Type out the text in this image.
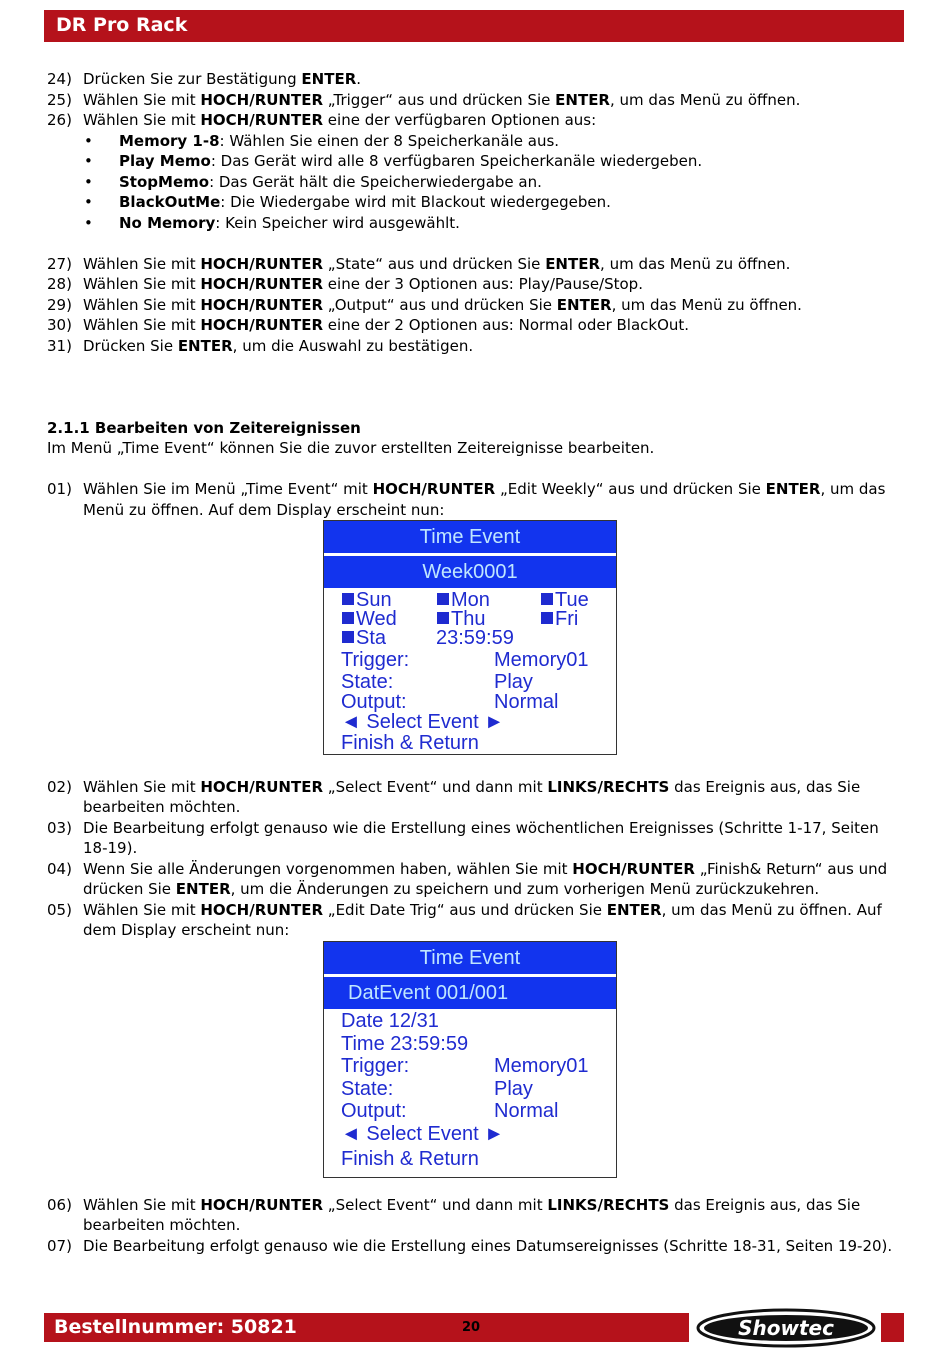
DR Pro Rack
24) Drücken Sie zur Bestätigung ENTER.
25) Wählen Sie mit HOCH/RUNTER „Trigger“ aus und drücken Sie ENTER, um das Menü zu öffnen.
26) Wählen Sie mit HOCH/RUNTER eine der verfügbaren Optionen aus:
•	Memory 1-8: Wählen Sie einen der 8 Speicherkanäle aus.
•	Play Memo: Das Gerät wird alle 8 verfügbaren Speicherkanäle wiedergeben.
•	StopMemo: Das Gerät hält die Speicherwiedergabe an.
•	BlackOutMe: Die Wiedergabe wird mit Blackout wiedergegeben.
•	No Memory: Kein Speicher wird ausgewählt.
27) Wählen Sie mit HOCH/RUNTER „State“ aus und drücken Sie ENTER, um das Menü zu öffnen.
28) Wählen Sie mit HOCH/RUNTER eine der 3 Optionen aus: Play/Pause/Stop.
29) Wählen Sie mit HOCH/RUNTER „Output“ aus und drücken Sie ENTER, um das Menü zu öffnen.
30) Wählen Sie mit HOCH/RUNTER eine der 2 Optionen aus: Normal oder BlackOut.
31) Drücken Sie ENTER, um die Auswahl zu bestätigen.
2.1.1 Bearbeiten von Zeitereignissen
Im Menü „Time Event“ können Sie die zuvor erstellten Zeitereignisse bearbeiten.
01) Wählen Sie im Menü „Time Event“ mit HOCH/RUNTER „Edit Weekly“ aus und drücken Sie ENTER, um das Menü zu öffnen. Auf dem Display erscheint nun:
Time Event
Week0001
Sun	Mon	Tue
Wed	Thu	Fri
Sta 23:59:59
Trigger:	Memory01
State:	Play
Output:	Normal
◄ Select Event ►
Finish & Return
02) Wählen Sie mit HOCH/RUNTER „Select Event“ und dann mit LINKS/RECHTS das Ereignis aus, das Sie bearbeiten möchten.
03) Die Bearbeitung erfolgt genauso wie die Erstellung eines wöchentlichen Ereignisses (Schritte 1-17, Seiten 18-19).
04) Wenn Sie alle Änderungen vorgenommen haben, wählen Sie mit HOCH/RUNTER „Finish& Return“ aus und drücken Sie ENTER, um die Änderungen zu speichern und zum vorherigen Menü zurückzukehren.
05) Wählen Sie mit HOCH/RUNTER „Edit Date Trig“ aus und drücken Sie ENTER, um das Menü zu öffnen. Auf dem Display erscheint nun:
Time Event
DatEvent 001/001
Date 12/31
Time 23:59:59
Trigger:	Memory01
State:	Play
Output:	Normal
◄ Select Event ►
Finish & Return
06) Wählen Sie mit HOCH/RUNTER „Select Event“ und dann mit LINKS/RECHTS das Ereignis aus, das Sie bearbeiten möchten.
07) Die Bearbeitung erfolgt genauso wie die Erstellung eines Datumsereignisses (Schritte 18-31, Seiten 19-20).
Bestellnummer: 50821	20	Showtec
